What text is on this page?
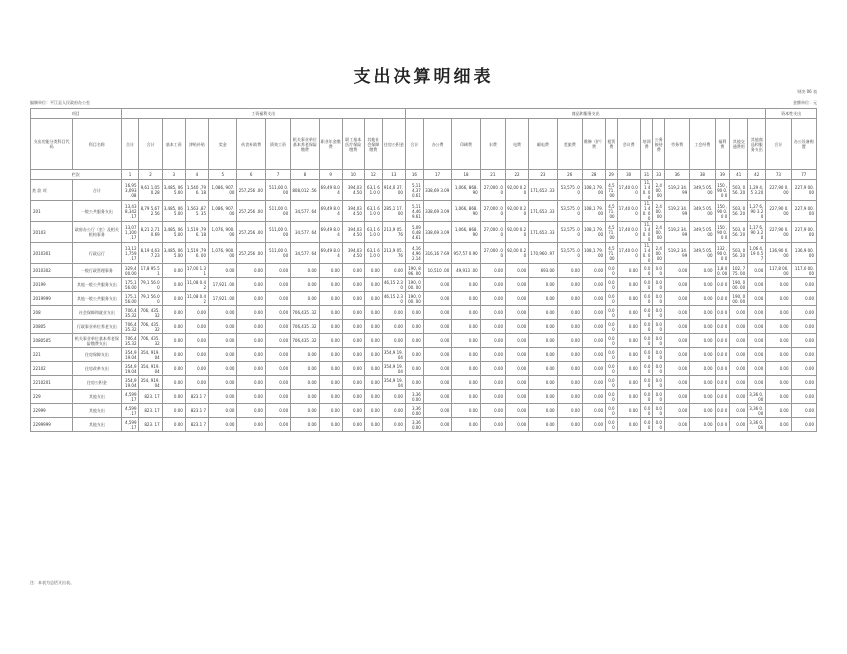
支出决算明细表
财决 06 表
编制单位：平江县人民政府办公室	金额单位：元
项目		工资福利支出												商品和服务支出																	资本性支出	
支出功能分类科目代码	科目名称	合计	合计	基本工资	津贴补贴	奖金	伙食补助费	绩效工资	机关事业单位基本养老保险缴费	职业年金缴费	职工基本医疗保险缴费	其他社会保障缴费	住房公积金	合计	办公费	印刷费	水费	电费	邮电费	差旅费	维修（护）费	租赁费	会议费	培训费	公务接待费	劳务费	工会经费	福利费	其他交通费用	其他商品和服务支出	合计	办公设备购置
栏次		1	2	3	4	5	6	7	8	9	10	12	13	16	17	18	21	22	23	26	28	29	30	31	33	36	38	39	41	42	73	77
类 款 项	合计	16,95 3,093 .08	9,61 1,05 0.28	3,485, 065.00	1,540 ,796. 18	1,086, 907.00	257,256 .00	511,00 0.00	808,012 .56	69,49 8.04	394,03 4.50	63,1 61.0 0	914,0 37.00	5,11 4,37 0.61	338,69 3.09	1,066, 868.90	27,000 .00	92,00 0.20	171,653 .33	53,575 .00	108,1 79.00	4,5 71. 00	17,40 0.00	11,1 40. 00	2,4 00. 00	519,2 34.99	349,5 05.00	150 ,90 0.0 0	503, 056. 20	1,29 4,5 3.20	227,90 0.00	227,9 00.00
201	一般公共服务支出	13,43 8,342 .17	8,79 5,67 2.56	3,485, 065.00	1,563 ,875. 35	1,086, 907.00	257,256 .00	511,00 0.00	34,577. 64	69,49 8.04	394,03 4.50	63,1 61.0 0	285,1 17.00	5,11 4,46 9.61	338,69 3.09	1,066, 868.90	27,000 .00	92,00 0.20	171,653 .33	53,575 .00	108,1 79.00	4,5 71. 00	17,40 0.00	11,1 40. 00	2,4 00. 00	519,2 34.99	349,5 05.00	150 ,90 0.0 0	503, 056. 20	1,27 6,90 3.20	227,90 0.00	227,9 00.00
20103	政府办公厅（室）及相关机构事务	13,07 1,100 .17	8,21 2,71 0.69	3,485, 065.00	1,519 ,796. 18	1,076, 900.00	257,256 .00	511,00 0.00	34,577. 64	69,49 8.04	394,03 4.50	63,1 61.0 0	213,9 05.76	5,09 0,48 4.61	338,69 3.09	1,066, 868.90	27,000 .00	92,00 0.20	171,653 .33	53,575 .00	108,1 79.00	4,5 71. 00	17,40 0.00	11,1 40. 00	2,4 00. 00	519,2 34.99	349,5 05.00	150 ,90 0.0 0	503, 056. 20	1,17 6,90 3.20	227,90 0.00	227,9 00.00
2010301	行政运行	13,12 1,759 .17	8,19 4,63 7.23	3,485, 065.00	1,519 ,796. 00	1,076, 900.00	257,256 .00	511,00 0.00	34,577. 64	69,49 8.04	394,03 4.50	63,1 61.0 0	213,9 05.76	4,16 4,96 2.14	316,16 7.69	957,57 0.90	27,000 .00	92,00 0.20	170,960 .97	53,575 .00	108,1 79.00	4,5 71. 00	17,40 0.00	11,1 40. 00	2,4 00. 00	519,2 34.99	349,5 05.00	132 ,90 0.0 0	503, 056. 20	1,06 4,19 0.57	136,90 0.00	136,9 00.00
2010302	一般行政管理事务	329,4 00.00	17,8 95.5 1	0.00	17,00 1.31	0.00	0.00	0.00	0.00	0.00	0.00	0.00	0.00	190, 896. 00	10,510 .00	49,913 .00	0.00	0.00	693.00	0.00	0.00	0.0 0	0.00	0.0 0	0.0 0	0.00	0.00	1,8 00. 00	102, 775. 00	0.00	117,8 00.00	117,0 00.00
20199	其他一般公共服务支出	175,1 56.00	79,1 56.0 0	0.00	11,08 0.42	17,921 .00	0.00	0.00	0.00	0.00	0.00	0.00	46,15 2.30	190, 000. 00	0.00	0.00	0.00	0.00	0.00	0.00	0.00	0.0 0	0.00	0.0 0	0.0 0	0.00	0.00	0.0 0	190, 000. 00	0.00	0.00	0.00
2019999	其他一般公共服务支出	175,1 56.00	79,1 56.0 0	0.00	11,08 0.42	17,921 .00	0.00	0.00	0.00	0.00	0.00	0.00	46,15 2.30	190, 000. 00	0.00	0.00	0.00	0.00	0.00	0.00	0.00	0.0 0	0.00	0.0 0	0.0 0	0.00	0.00	0.0 0	190, 000. 00	0.00	0.00	0.00
208	社会保障和就业支出	706,4 35.32	706, 435. 32	0.00	0.00	0.00	0.00	0.00	706,435 .32	0.00	0.00	0.00	0.00	0.00	0.00	0.00	0.00	0.00	0.00	0.00	0.00	0.0 0	0.00	0.0 0	0.0 0	0.00	0.00	0.0 0	0.00	0.00	0.00	0.00
20805	行政事业单位养老支出	706,4 35.32	706, 435. 32	0.00	0.00	0.00	0.00	0.00	706,435 .32	0.00	0.00	0.00	0.00	0.00	0.00	0.00	0.00	0.00	0.00	0.00	0.00	0.0 0	0.00	0.0 0	0.0 0	0.00	0.00	0.0 0	0.00	0.00	0.00	0.00
2080505	机关事业单位基本养老保险缴费支出	706,4 35.32	706, 435. 32	0.00	0.00	0.00	0.00	0.00	706,435 .32	0.00	0.00	0.00	0.00	0.00	0.00	0.00	0.00	0.00	0.00	0.00	0.00	0.0 0	0.00	0.0 0	0.0 0	0.00	0.00	0.0 0	0.00	0.00	0.00	0.00
221	住房保障支出	354,9 19.04	354, 919. 04	0.00	0.00	0.00	0.00	0.00	0.00	0.00	0.00	0.00	354,9 19.04	0.00	0.00	0.00	0.00	0.00	0.00	0.00	0.00	0.0 0	0.00	0.0 0	0.0 0	0.00	0.00	0.0 0	0.00	0.00	0.00	0.00
22102	住房改革支出	354,9 19.04	354, 919. 04	0.00	0.00	0.00	0.00	0.00	0.00	0.00	0.00	0.00	354,9 19.04	0.00	0.00	0.00	0.00	0.00	0.00	0.00	0.00	0.0 0	0.00	0.0 0	0.0 0	0.00	0.00	0.0 0	0.00	0.00	0.00	0.00
2210201	住房公积金	354,9 19.04	354, 919. 04	0.00	0.00	0.00	0.00	0.00	0.00	0.00	0.00	0.00	354,9 19.04	0.00	0.00	0.00	0.00	0.00	0.00	0.00	0.00	0.0 0	0.00	0.0 0	0.0 0	0.00	0.00	0.0 0	0.00	0.00	0.00	0.00
229	其他支出	4,599 .17	823. 17	0.00	823.1 7	0.00	0.00	0.00	0.00	0.00	0.00	0.00	0.00	3,36 0.00	0.00	0.00	0.00	0.00	0.00	0.00	0.00	0.0 0	0.00	0.0 0	0.0 0	0.00	0.00	0.0 0	0.00	3,36 0.00	0.00	0.00
22999	其他支出	4,599 .17	823. 17	0.00	823.1 7	0.00	0.00	0.00	0.00	0.00	0.00	0.00	0.00	3,36 0.00	0.00	0.00	0.00	0.00	0.00	0.00	0.00	0.0 0	0.00	0.0 0	0.0 0	0.00	0.00	0.0 0	0.00	3,36 0.00	0.00	0.00
2299999	其他支出	4,599 .17	823. 17	0.00	823.1 7	0.00	0.00	0.00	0.00	0.00	0.00	0.00	0.00	3,36 0.00	0.00	0.00	0.00	0.00	0.00	0.00	0.00	0.0 0	0.00	0.0 0	0.0 0	0.00	0.00	0.0 0	0.00	3,36 0.00	0.00	0.00
注：本表为总括支出表。
